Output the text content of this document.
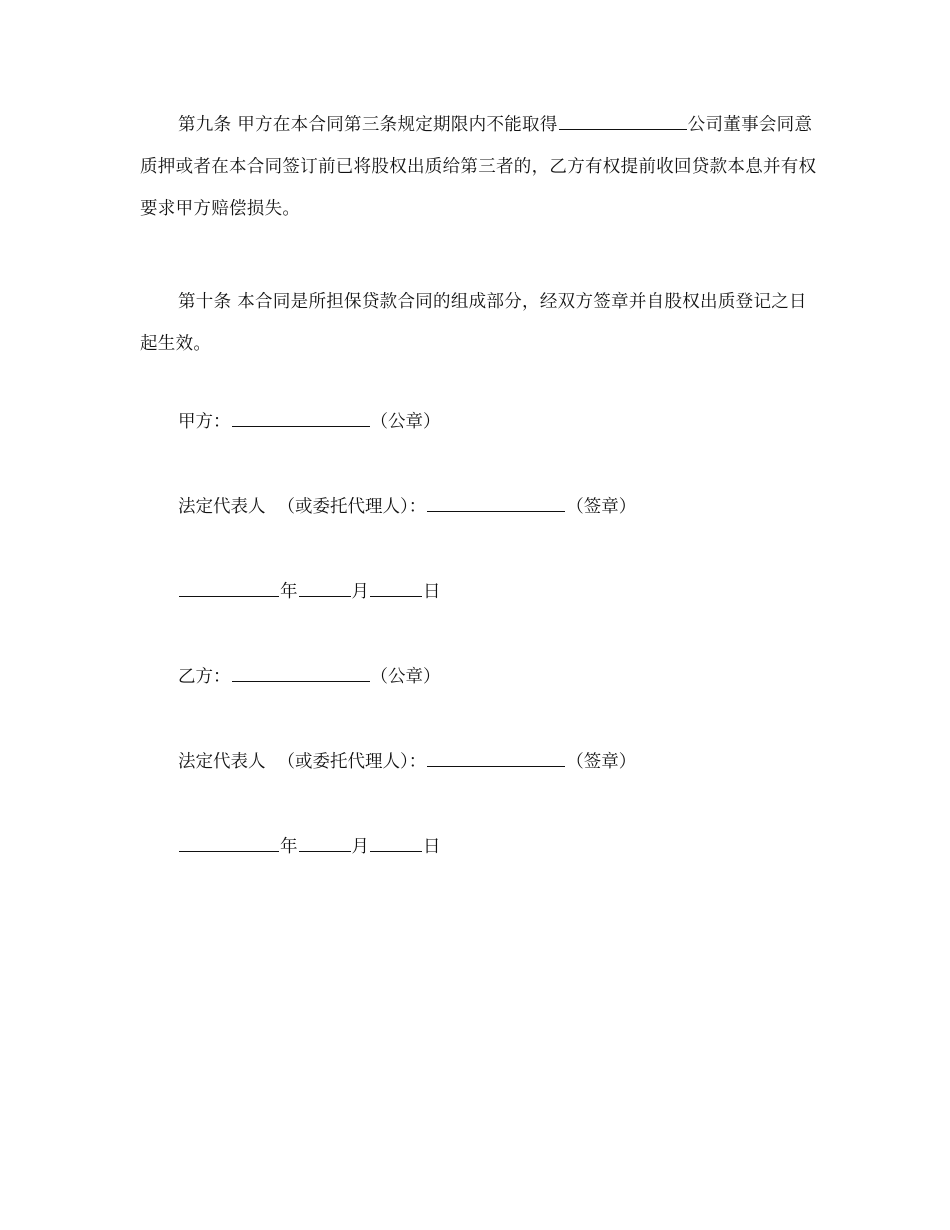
第九条 甲方在本合同第三条规定期限内不能取得	公司董事会同意质押或者在本合同签订前已将股权出质给第三者的，乙方有权提前收回贷款本息并有权要求甲方赔偿损失。

第十条 本合同是所担保贷款合同的组成部分，经双方签章并自股权出质登记之日起生效。

甲方：	（公章）
法定代表人 （或委托代理人）：	（签章）
年	月	日
乙方：	（公章）
法定代表人 （或委托代理人）：	（签章）
年	月	日
